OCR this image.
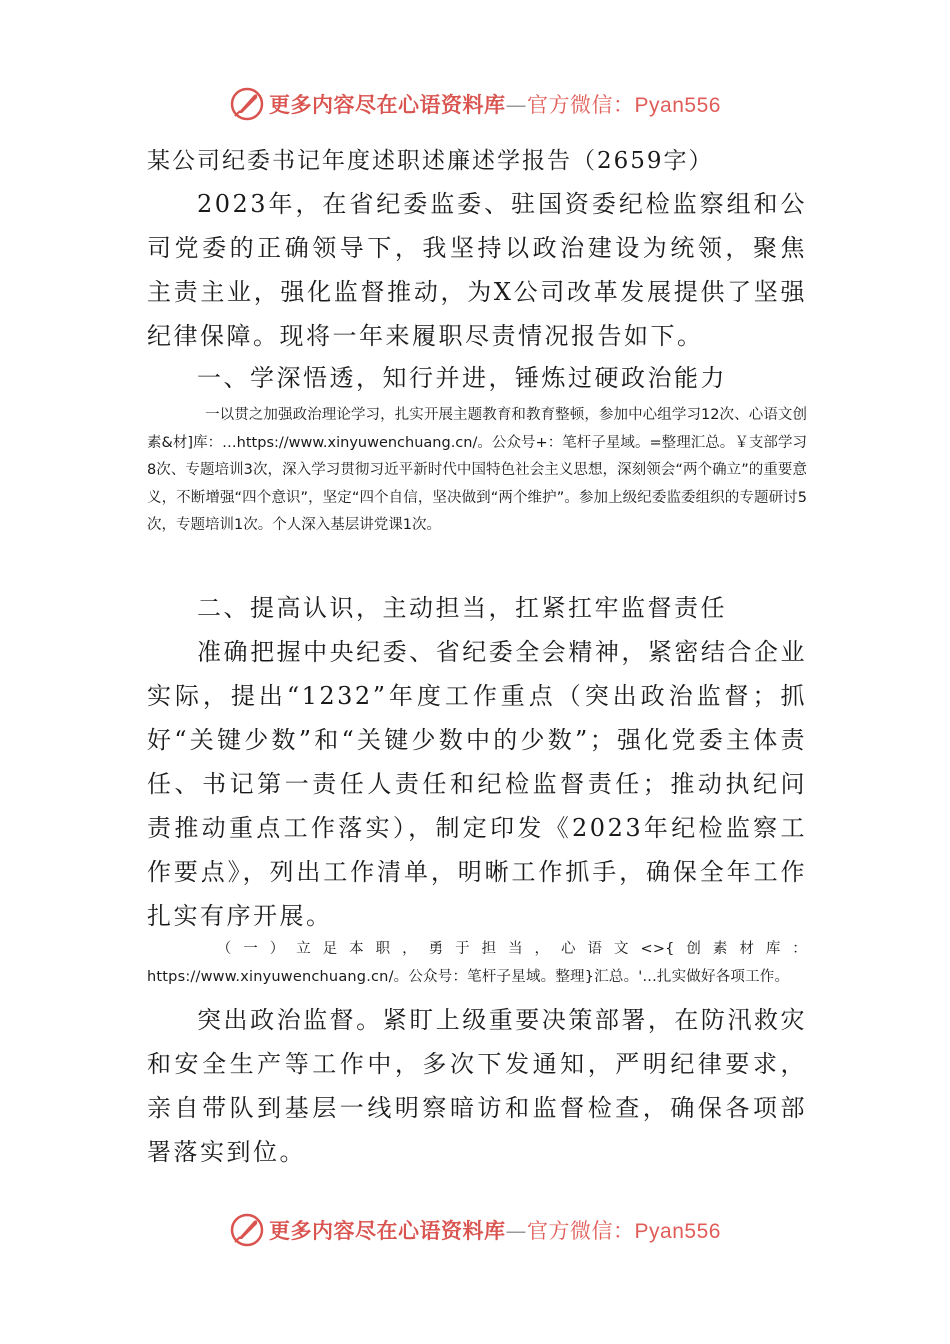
更多内容尽在心语资料库—官方微信：Pyan556
某公司纪委书记年度述职述廉述学报告（2659字）
2023年，在省纪委监委、驻国资委纪检监察组和公司党委的正确领导下，我坚持以政治建设为统领，聚焦主责主业，强化监督推动，为X公司改革发展提供了坚强纪律保障。现将一年来履职尽责情况报告如下。
一、学深悟透，知行并进，锤炼过硬政治能力
一以贯之加强政治理论学习，扎实开展主题教育和教育整顿，参加中心组学习12次、心语文创素&材]库：…https://www.xinyuwenchuang.cn/。公众号+：笔杆子星域。=整理汇总。￥支部学习8次、专题培训3次，深入学习贯彻习近平新时代中国特色社会主义思想，深刻领会“两个确立”的重要意义，不断增强“四个意识”，坚定“四个自信，坚决做到“两个维护”。参加上级纪委监委组织的专题研讨5次，专题培训1次。个人深入基层讲党课1次。
二、提高认识，主动担当，扛紧扛牢监督责任
准确把握中央纪委、省纪委全会精神，紧密结合企业实际，提出“1232”年度工作重点（突出政治监督；抓好“关键少数”和“关键少数中的少数”；强化党委主体责任、书记第一责任人责任和纪检监督责任；推动执纪问责推动重点工作落实），制定印发《2023年纪检监察工作要点》，列出工作清单，明晰工作抓手，确保全年工作扎实有序开展。
（一）立足本职，勇于担当，心语文<>{创素材库：https://www.xinyuwenchuang.cn/。公众号：笔杆子星域。整理}汇总。'...扎实做好各项工作。
突出政治监督。紧盯上级重要决策部署，在防汛救灾和安全生产等工作中，多次下发通知，严明纪律要求，亲自带队到基层一线明察暗访和监督检查，确保各项部署落实到位。
更多内容尽在心语资料库—官方微信：Pyan556
